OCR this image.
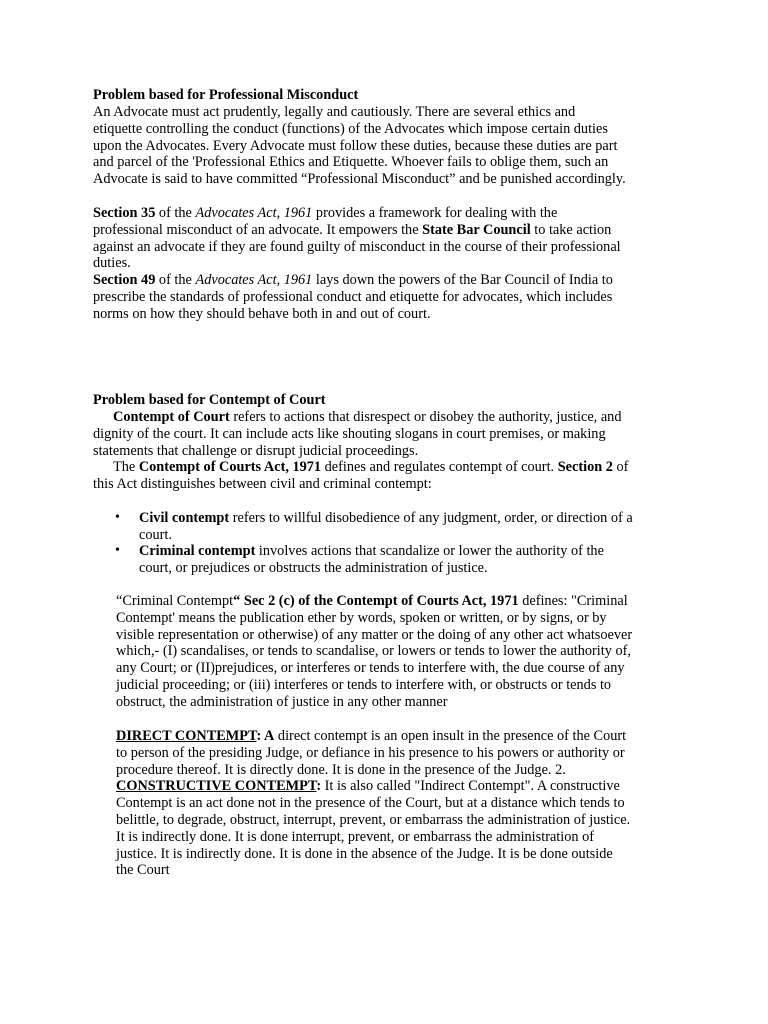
Problem based for Professional Misconduct
An Advocate must act prudently, legally and cautiously. There are several ethics and
etiquette controlling the conduct (functions) of the Advocates which impose certain duties
upon the Advocates. Every Advocate must follow these duties, because these duties are part
and parcel of the 'Professional Ethics and Etiquette. Whoever fails to oblige them, such an
Advocate is said to have committed “Professional Misconduct” and be punished accordingly.
Section 35 of the Advocates Act, 1961 provides a framework for dealing with the
professional misconduct of an advocate. It empowers the State Bar Council to take action
against an advocate if they are found guilty of misconduct in the course of their professional
duties.
Section 49 of the Advocates Act, 1961 lays down the powers of the Bar Council of India to
prescribe the standards of professional conduct and etiquette for advocates, which includes
norms on how they should behave both in and out of court.
Problem based for Contempt of Court
Contempt of Court refers to actions that disrespect or disobey the authority, justice, and
dignity of the court. It can include acts like shouting slogans in court premises, or making
statements that challenge or disrupt judicial proceedings.
The Contempt of Courts Act, 1971 defines and regulates contempt of court. Section 2 of
this Act distinguishes between civil and criminal contempt:
• Civil contempt refers to willful disobedience of any judgment, order, or direction of a
court.
• Criminal contempt involves actions that scandalize or lower the authority of the
court, or prejudices or obstructs the administration of justice.
“Criminal Contempt“ Sec 2 (c) of the Contempt of Courts Act, 1971 defines: "Criminal
Contempt' means the publication ether by words, spoken or written, or by signs, or by
visible representation or otherwise) of any matter or the doing of any other act whatsoever
which,- (I) scandalises, or tends to scandalise, or lowers or tends to lower the authority of,
any Court; or (II)prejudices, or interferes or tends to interfere with, the due course of any
judicial proceeding; or (iii) interferes or tends to interfere with, or obstructs or tends to
obstruct, the administration of justice in any other manner
DIRECT CONTEMPT: A direct contempt is an open insult in the presence of the Court
to person of the presiding Judge, or defiance in his presence to his powers or authority or
procedure thereof. It is directly done. It is done in the presence of the Judge. 2.
CONSTRUCTIVE CONTEMPT: It is also called "Indirect Contempt". A constructive
Contempt is an act done not in the presence of the Court, but at a distance which tends to
belittle, to degrade, obstruct, interrupt, prevent, or embarrass the administration of justice.
It is indirectly done. It is done interrupt, prevent, or embarrass the administration of
justice. It is indirectly done. It is done in the absence of the Judge. It is be done outside
the Court
